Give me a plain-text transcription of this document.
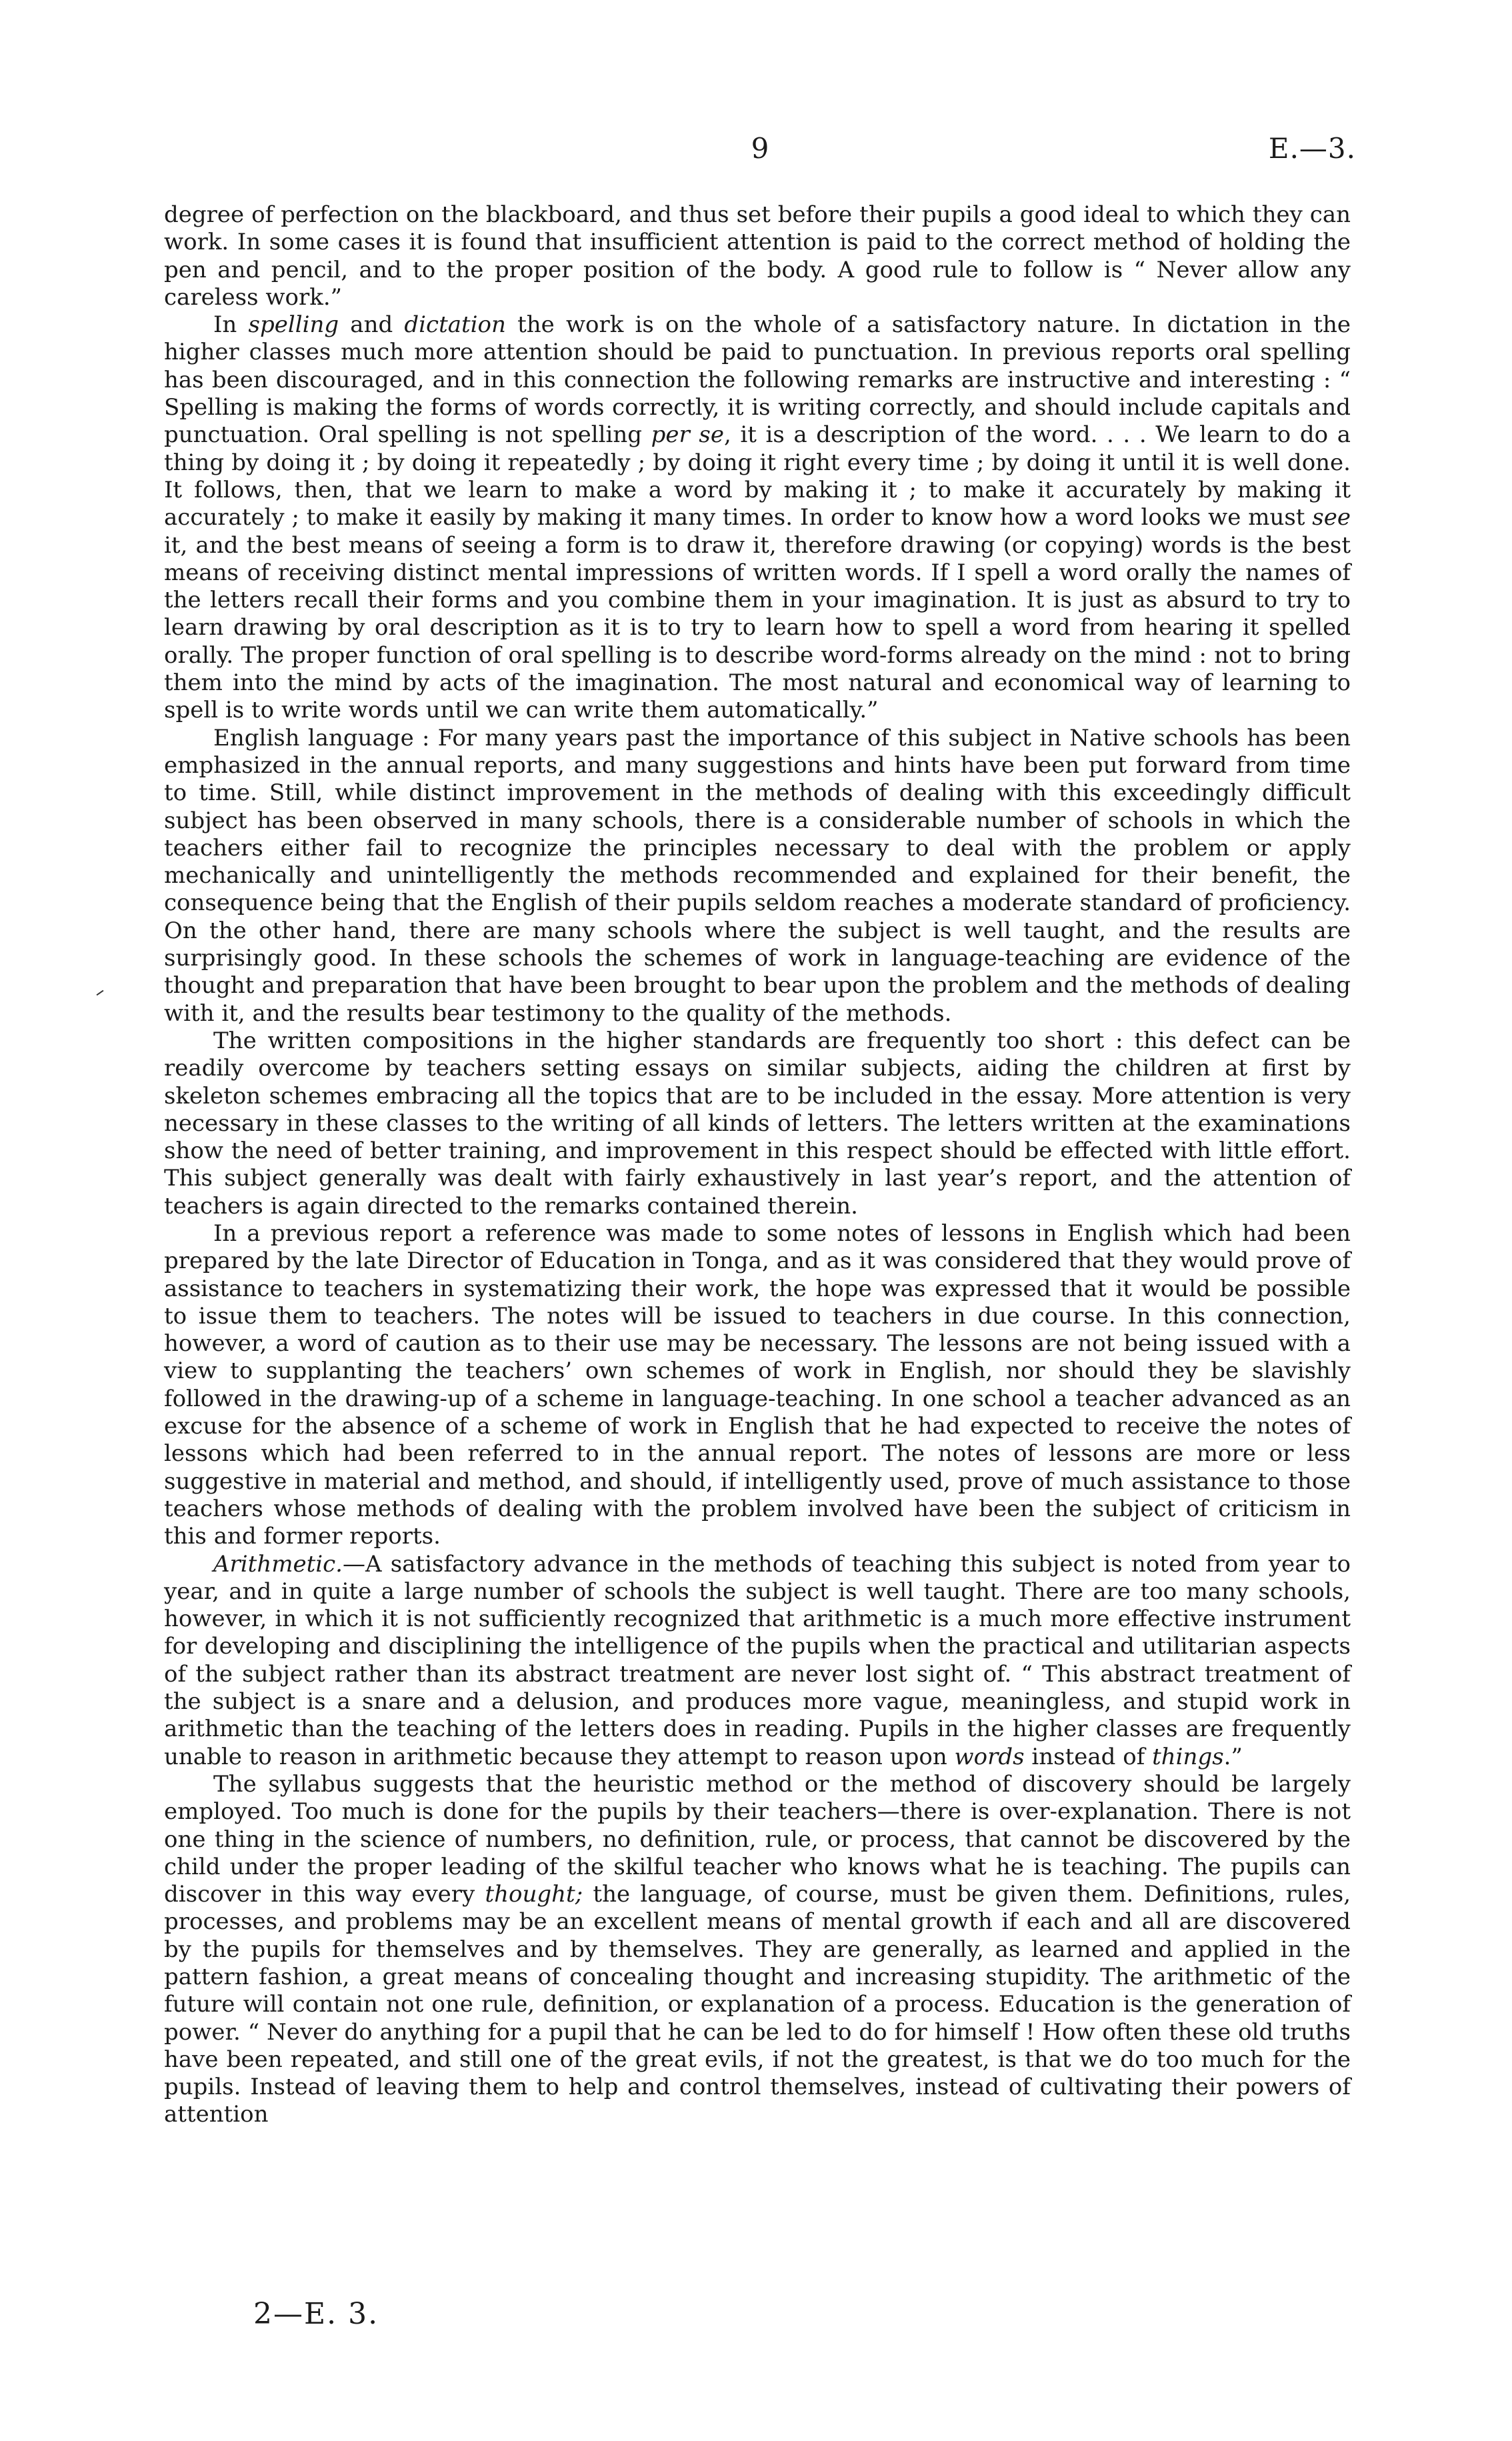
9	E.—3.

degree of perfection on the blackboard, and thus set before their pupils a good ideal to which they can work. In some cases it is found that insufficient attention is paid to the correct method of holding the pen and pencil, and to the proper position of the body. A good rule to follow is “ Never allow any careless work.”

In spelling and dictation the work is on the whole of a satisfactory nature. In dictation in the higher classes much more attention should be paid to punctuation. In previous reports oral spelling has been discouraged, and in this connection the following remarks are instructive and interesting : “ Spelling is making the forms of words correctly, it is writing correctly, and should include capitals and punctuation. Oral spelling is not spelling per se, it is a description of the word. . . . We learn to do a thing by doing it ; by doing it repeatedly ; by doing it right every time ; by doing it until it is well done. It follows, then, that we learn to make a word by making it ; to make it accurately by making it accurately ; to make it easily by making it many times. In order to know how a word looks we must see it, and the best means of seeing a form is to draw it, therefore drawing (or copying) words is the best means of receiving distinct mental impressions of written words. If I spell a word orally the names of the letters recall their forms and you combine them in your imagination. It is just as absurd to try to learn drawing by oral description as it is to try to learn how to spell a word from hearing it spelled orally. The proper function of oral spelling is to describe word-forms already on the mind : not to bring them into the mind by acts of the imagination. The most natural and economical way of learning to spell is to write words until we can write them automatically.”

English language : For many years past the importance of this subject in Native schools has been emphasized in the annual reports, and many suggestions and hints have been put forward from time to time. Still, while distinct improvement in the methods of dealing with this exceedingly difficult subject has been observed in many schools, there is a considerable number of schools in which the teachers either fail to recognize the principles necessary to deal with the problem or apply mechanically and unintelligently the methods recommended and explained for their benefit, the consequence being that the English of their pupils seldom reaches a moderate standard of proficiency. On the other hand, there are many schools where the subject is well taught, and the results are surprisingly good. In these schools the schemes of work in language-teaching are evidence of the thought and preparation that have been brought to bear upon the problem and the methods of dealing with it, and the results bear testimony to the quality of the methods.

The written compositions in the higher standards are frequently too short : this defect can be readily overcome by teachers setting essays on similar subjects, aiding the children at first by skeleton schemes embracing all the topics that are to be included in the essay. More attention is very necessary in these classes to the writing of all kinds of letters. The letters written at the examinations show the need of better training, and improvement in this respect should be effected with little effort. This subject generally was dealt with fairly exhaustively in last year’s report, and the attention of teachers is again directed to the remarks contained therein.

In a previous report a reference was made to some notes of lessons in English which had been prepared by the late Director of Education in Tonga, and as it was considered that they would prove of assistance to teachers in systematizing their work, the hope was expressed that it would be possible to issue them to teachers. The notes will be issued to teachers in due course. In this connection, however, a word of caution as to their use may be necessary. The lessons are not being issued with a view to supplanting the teachers’ own schemes of work in English, nor should they be slavishly followed in the drawing-up of a scheme in language-teaching. In one school a teacher advanced as an excuse for the absence of a scheme of work in English that he had expected to receive the notes of lessons which had been referred to in the annual report. The notes of lessons are more or less suggestive in material and method, and should, if intelligently used, prove of much assistance to those teachers whose methods of dealing with the problem involved have been the subject of criticism in this and former reports.

Arithmetic.—A satisfactory advance in the methods of teaching this subject is noted from year to year, and in quite a large number of schools the subject is well taught. There are too many schools, however, in which it is not sufficiently recognized that arithmetic is a much more effective instrument for developing and disciplining the intelligence of the pupils when the practical and utilitarian aspects of the subject rather than its abstract treatment are never lost sight of. “ This abstract treatment of the subject is a snare and a delusion, and produces more vague, meaningless, and stupid work in arithmetic than the teaching of the letters does in reading. Pupils in the higher classes are frequently unable to reason in arithmetic because they attempt to reason upon words instead of things.”

The syllabus suggests that the heuristic method or the method of discovery should be largely employed. Too much is done for the pupils by their teachers—there is over-explanation. There is not one thing in the science of numbers, no definition, rule, or process, that cannot be discovered by the child under the proper leading of the skilful teacher who knows what he is teaching. The pupils can discover in this way every thought; the language, of course, must be given them. Definitions, rules, processes, and problems may be an excellent means of mental growth if each and all are discovered by the pupils for themselves and by themselves. They are generally, as learned and applied in the pattern fashion, a great means of concealing thought and increasing stupidity. The arithmetic of the future will contain not one rule, definition, or explanation of a process. Education is the generation of power. “ Never do anything for a pupil that he can be led to do for himself ! How often these old truths have been repeated, and still one of the great evils, if not the greatest, is that we do too much for the pupils. Instead of leaving them to help and control themselves, instead of cultivating their powers of attention

2—E. 3.
